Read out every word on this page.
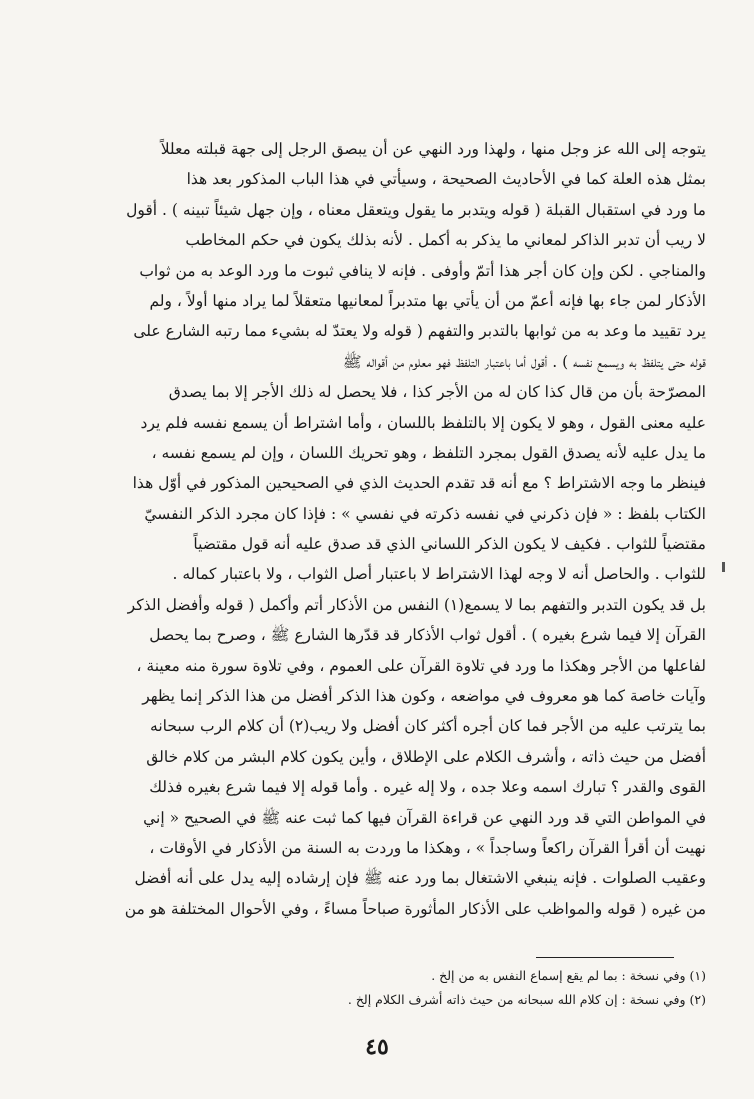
يتوجه إلى الله عز وجل منها ، ولهذا ورد النهي عن أن يبصق الرجل إلى جهة قبلته معللاً
بمثل هذه العلة كما في الأحاديث الصحيحة ، وسيأتي في هذا الباب المذكور بعد هذا
ما ورد في استقبال القبلة ( قوله ويتدبر ما يقول ويتعقل معناه ، وإن جهل شيئاً تبينه ) . أقول
لا ريب أن تدبر الذاكر لمعاني ما يذكر به أكمل . لأنه بذلك يكون في حكم المخاطب
والمناجي . لكن وإن كان أجر هذا أتمّ وأوفى . فإنه لا ينافي ثبوت ما ورد الوعد به من ثواب
الأذكار لمن جاء بها فإنه أعمّ من أن يأتي بها متدبراً لمعانيها متعقلاً لما يراد منها أولاً ، ولم
يرد تقييد ما وعد به من ثوابها بالتدبر والتفهم ( قوله ولا يعتدّ له بشيء مما رتبه الشارع على
قوله حتى يتلفظ به ويسمع نفسه ) . أقول أما باعتبار التلفظ فهو معلوم من أقواله ﷺ
المصرّحة بأن من قال كذا كان له من الأجر كذا ، فلا يحصل له ذلك الأجر إلا بما يصدق
عليه معنى القول ، وهو لا يكون إلا بالتلفظ باللسان ، وأما اشتراط أن يسمع نفسه فلم يرد
ما يدل عليه لأنه يصدق القول بمجرد التلفظ ، وهو تحريك اللسان ، وإن لم يسمع نفسه ،
فينظر ما وجه الاشتراط ؟ مع أنه قد تقدم الحديث الذي في الصحيحين المذكور في أوّل هذا
الكتاب بلفظ : « فإن ذكرني في نفسه ذكرته في نفسي » : فإذا كان مجرد الذكر النفسيّ
مقتضياً للثواب . فكيف لا يكون الذكر اللساني الذي قد صدق عليه أنه قول مقتضياً
للثواب . والحاصل أنه لا وجه لهذا الاشتراط لا باعتبار أصل الثواب ، ولا باعتبار كماله .
بل قد يكون التدبر والتفهم بما لا يسمع(١) النفس من الأذكار أتم وأكمل ( قوله وأفضل الذكر
القرآن إلا فيما شرع بغيره ) . أقول ثواب الأذكار قد قدّرها الشارع ﷺ ، وصرح بما يحصل
لفاعلها من الأجر وهكذا ما ورد في تلاوة القرآن على العموم ، وفي تلاوة سورة منه معينة ،
وآيات خاصة كما هو معروف في مواضعه ، وكون هذا الذكر أفضل من هذا الذكر إنما يظهر
بما يترتب عليه من الأجر فما كان أجره أكثر كان أفضل ولا ريب(٢) أن كلام الرب سبحانه
أفضل من حيث ذاته ، وأشرف الكلام على الإطلاق ، وأين يكون كلام البشر من كلام خالق
القوى والقدر ؟ تبارك اسمه وعلا جده ، ولا إله غيره . وأما قوله إلا فيما شرع بغيره فذلك
في المواطن التي قد ورد النهي عن قراءة القرآن فيها كما ثبت عنه ﷺ في الصحيح « إني
نهيت أن أقرأ القرآن راكعاً وساجداً » ، وهكذا ما وردت به السنة من الأذكار في الأوقات ،
وعقيب الصلوات . فإنه ينبغي الاشتغال بما ورد عنه ﷺ فإن إرشاده إليه يدل على أنه أفضل
من غيره ( قوله والمواظب على الأذكار المأثورة صباحاً مساءً ، وفي الأحوال المختلفة هو من
(١) وفي نسخة : بما لم يقع إسماع النفس به من إلخ .
(٢) وفي نسخة : إن كلام الله سبحانه من حيث ذاته أشرف الكلام إلخ .
٤٥
